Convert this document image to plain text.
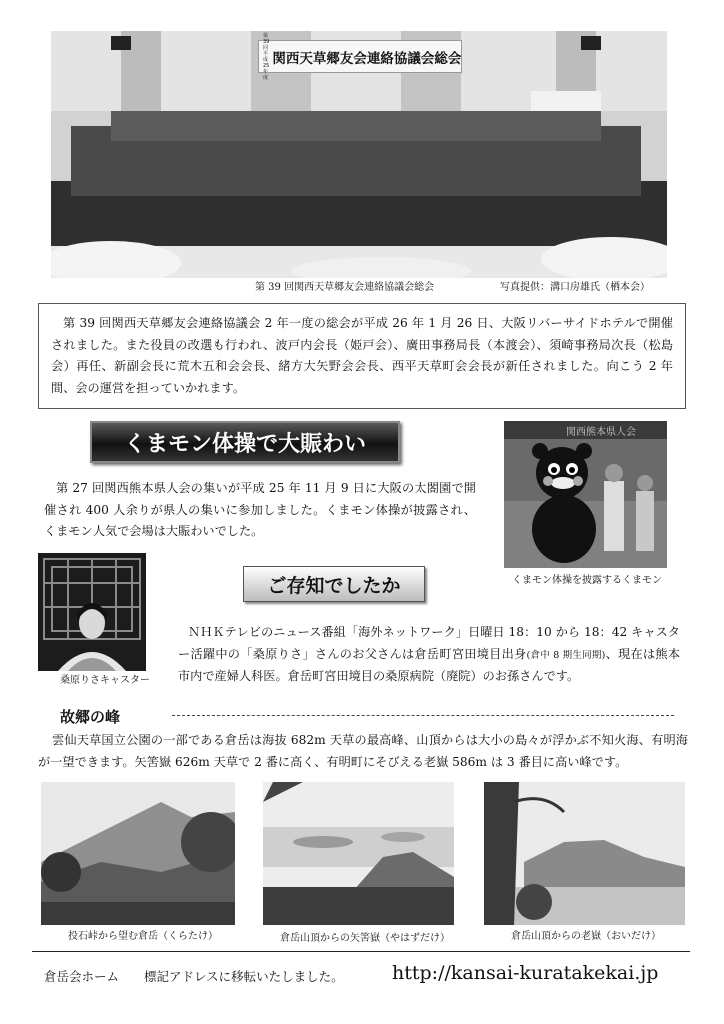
第39回
平成25年度
関西天草郷友会連絡協議会総会
第 39 回関西天草郷友会連絡協議会総会	写真提供：溝口房雄氏（栖本会）

第 39 回関西天草郷友会連絡協議会 2 年一度の総会が平成 26 年 1 月 26 日、大阪リバーサイドホテルで開催されました。また役員の改選も行われ、波戸内会長（姫戸会）、廣田事務局長（本渡会）、須崎事務局次長（松島会）再任、新副会長に荒木五和会会長、緒方大矢野会会長、西平天草町会会長が新任されました。向こう 2 年間、会の運営を担っていかれます。

くまモン体操で大賑わい

第 27 回関西熊本県人会の集いが平成 25 年 11 月 9 日に大阪の太閤園で開催され 400 人余りが県人の集いに参加しました。くまモン体操が披露され、くまモン人気で会場は大賑わいでした。

関西熊本県人会
くまモン体操を披露するくまモン
桑原りさキャスター
ご存知でしたか

ＮＨＫテレビのニュース番組「海外ネットワーク」日曜日 18：10 から 18：42 キャスター活躍中の「桑原りさ」さんのお父さんは倉岳町宮田境目出身(倉中 8 期生同期)、現在は熊本市内で産婦人科医。倉岳町宮田境目の桑原病院（廃院）のお孫さんです。

故郷の峰

雲仙天草国立公園の一部である倉岳は海抜 682m 天草の最高峰、山頂からは大小の島々が浮かぶ不知火海、有明海が一望できます。矢筈嶽 626m 天草で 2 番に高く、有明町にそびえる老嶽 586m は 3 番目に高い峰です。

投石峠から望む倉岳（くらたけ）	倉岳山頂からの矢筈嶽（やはずだけ）	倉岳山頂からの老嶽（おいだけ）
倉岳会ホーム　　標記アドレスに移転いたしました。	http://kansai-kuratakekai.jp
